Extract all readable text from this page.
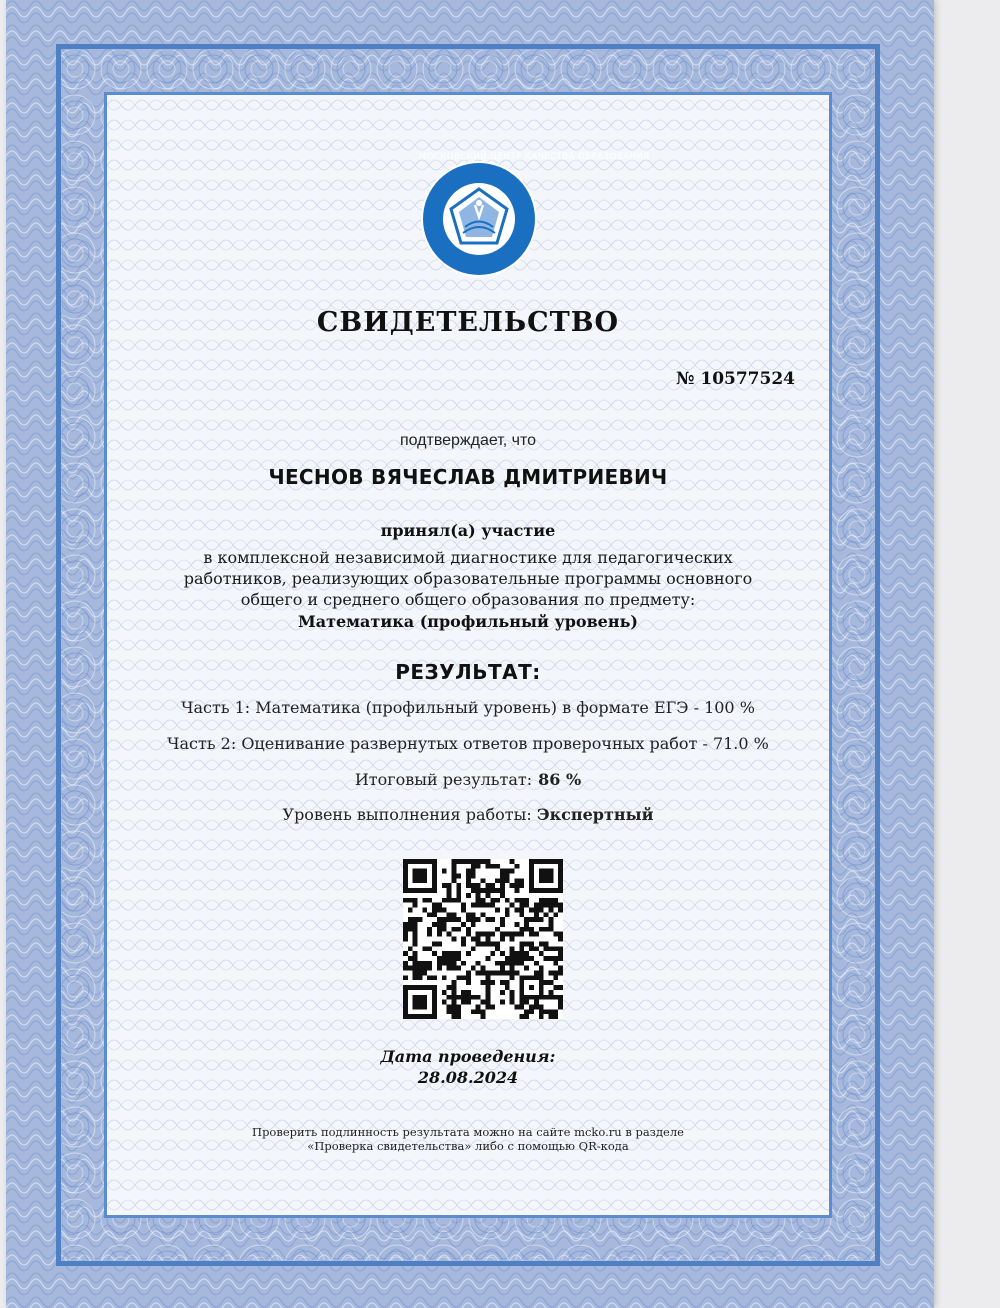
МОСКОВСКИЙ ЦЕНТР КАЧЕСТВА ОБРАЗОВАНИЯ
СВИДЕТЕЛЬСТВО
№ 10577524
подтверждает, что
ЧЕСНОВ ВЯЧЕСЛАВ ДМИТРИЕВИЧ
принял(а) участие
в комплексной независимой диагностике для педагогических
работников, реализующих образовательные программы основного
общего и среднего общего образования по предмету:
Математика (профильный уровень)
РЕЗУЛЬТАТ:
Часть 1: Математика (профильный уровень) в формате ЕГЭ - 100 %
Часть 2: Оценивание развернутых ответов проверочных работ - 71.0 %
Итоговый результат: 86 %
Уровень выполнения работы: Экспертный
Дата проведения:
28.08.2024
Проверить подлинность результата можно на сайте mcko.ru в разделе
«Проверка свидетельства» либо с помощью QR-кода
